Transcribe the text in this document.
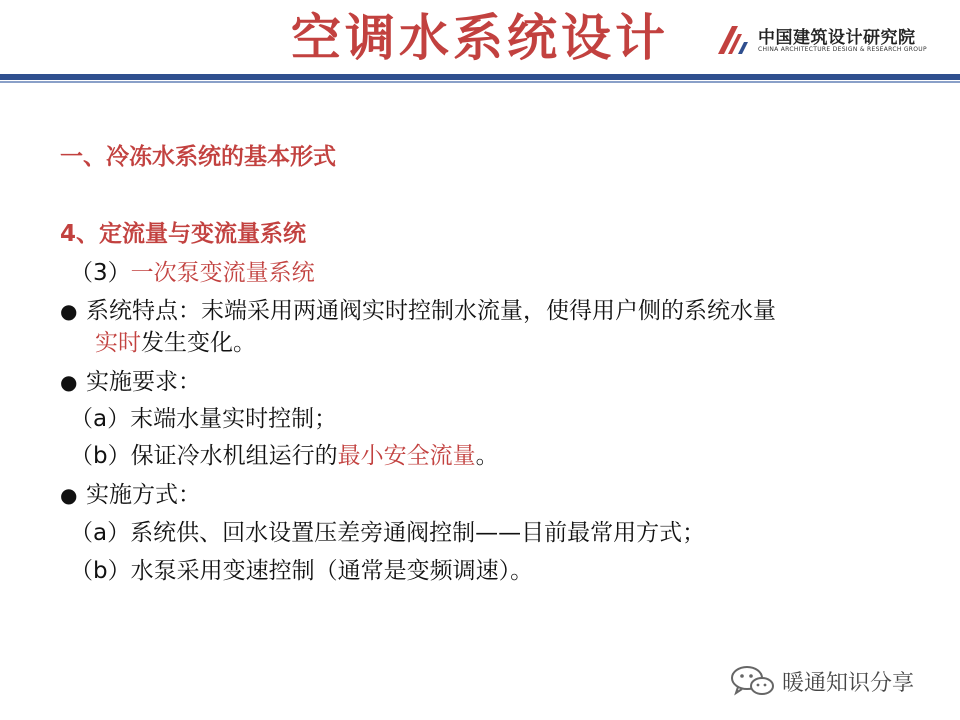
空调水系统设计	中国建筑设计研究院
CHINA ARCHITECTURE DESIGN & RESEARCH GROUP
一、冷冻水系统的基本形式
4、定流量与变流量系统
（3）一次泵变流量系统
● 系统特点：末端采用两通阀实时控制水流量，使得用户侧的系统水量
实时发生变化。
● 实施要求：
（a）末端水量实时控制；
（b）保证冷水机组运行的最小安全流量。
● 实施方式：
（a）系统供、回水设置压差旁通阀控制——目前最常用方式；
（b）水泵采用变速控制（通常是变频调速）。
暖通知识分享
